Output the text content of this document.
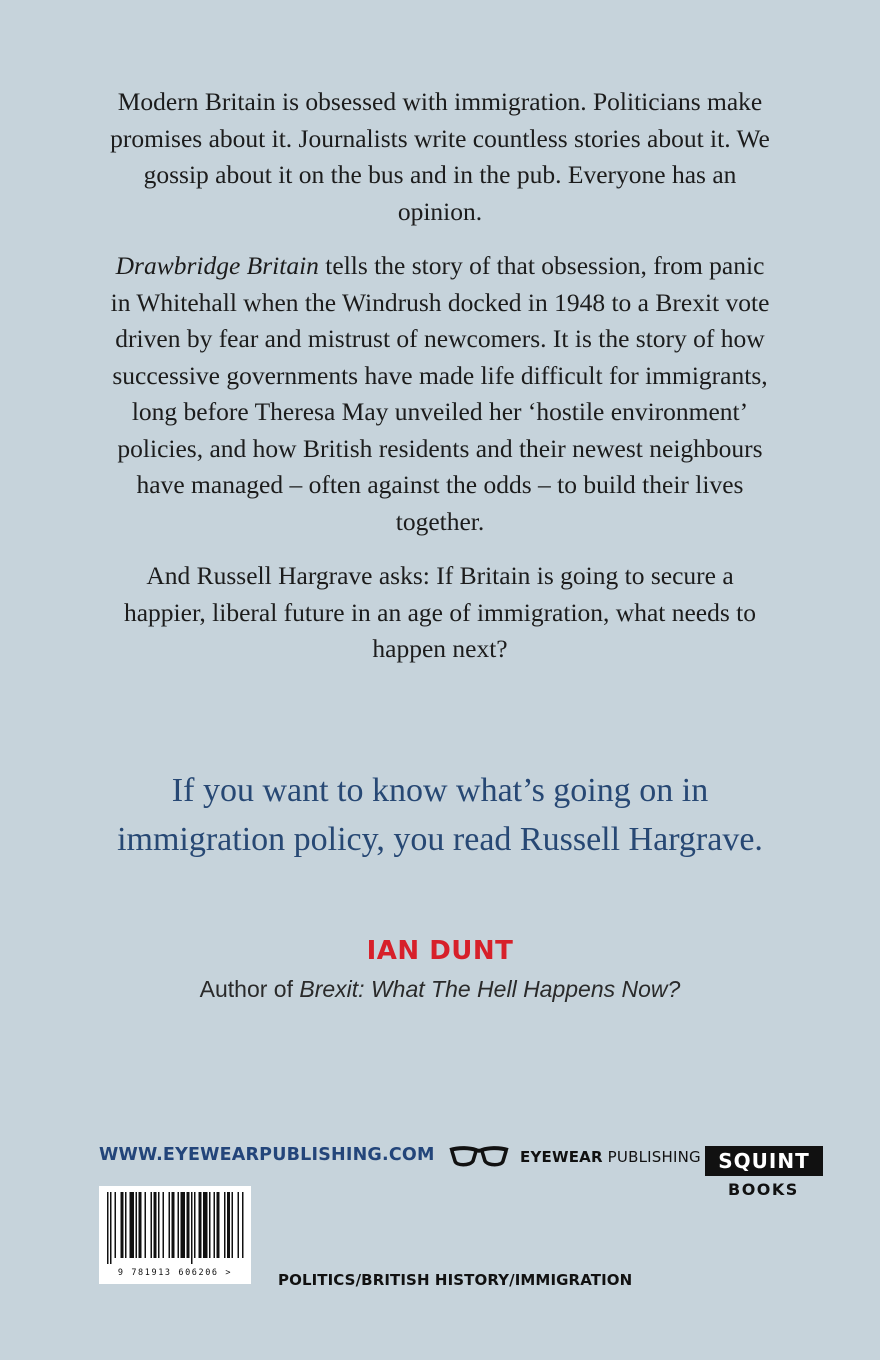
Modern Britain is obsessed with immigration. Politicians make promises about it. Journalists write countless stories about it. We gossip about it on the bus and in the pub. Everyone has an opinion.

Drawbridge Britain tells the story of that obsession, from panic in Whitehall when the Windrush docked in 1948 to a Brexit vote driven by fear and mistrust of newcomers. It is the story of how successive governments have made life difficult for immigrants, long before Theresa May unveiled her ‘hostile environment’ policies, and how British residents and their newest neighbours have managed – often against the odds – to build their lives together.

And Russell Hargrave asks: If Britain is going to secure a happier, liberal future in an age of immigration, what needs to happen next?

If you want to know what’s going on in immigration policy, you read Russell Hargrave.

IAN DUNT

Author of Brexit: What The Hell Happens Now?

WWW.EYEWEARPUBLISHING.COM	EYEWEAR PUBLISHING SQUINT
BOOKS
9 781913 606206 >	POLITICS/BRITISH HISTORY/IMMIGRATION
